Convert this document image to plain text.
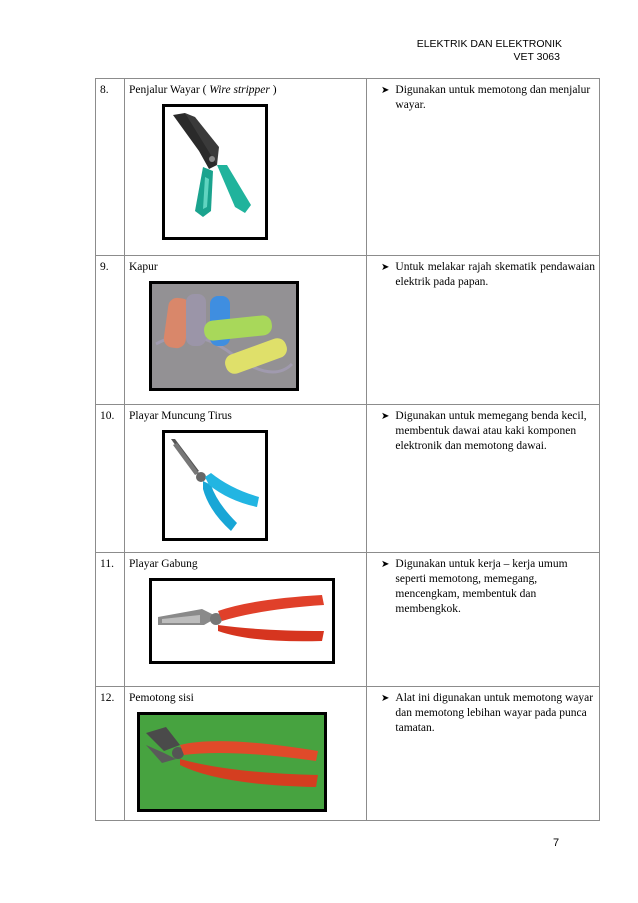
ELEKTRIK DAN ELEKTRONIK
VET 3063
8.	Penjalur Wayar ( Wire stripper )	➤ Digunakan untuk memotong dan menjalur wayar.

9.	Kapur	➤ Untuk melakar rajah skematik pendawaian elektrik pada papan.

10.	Playar Muncung Tirus	➤ Digunakan untuk memegang benda kecil, membentuk dawai atau kaki komponen elektronik dan memotong dawai.

11.	Playar Gabung	➤ Digunakan untuk kerja – kerja umum seperti memotong, memegang, mencengkam, membentuk dan membengkok.

12.	Pemotong sisi	➤ Alat ini digunakan untuk memotong wayar dan memotong lebihan wayar pada punca tamatan.
7
